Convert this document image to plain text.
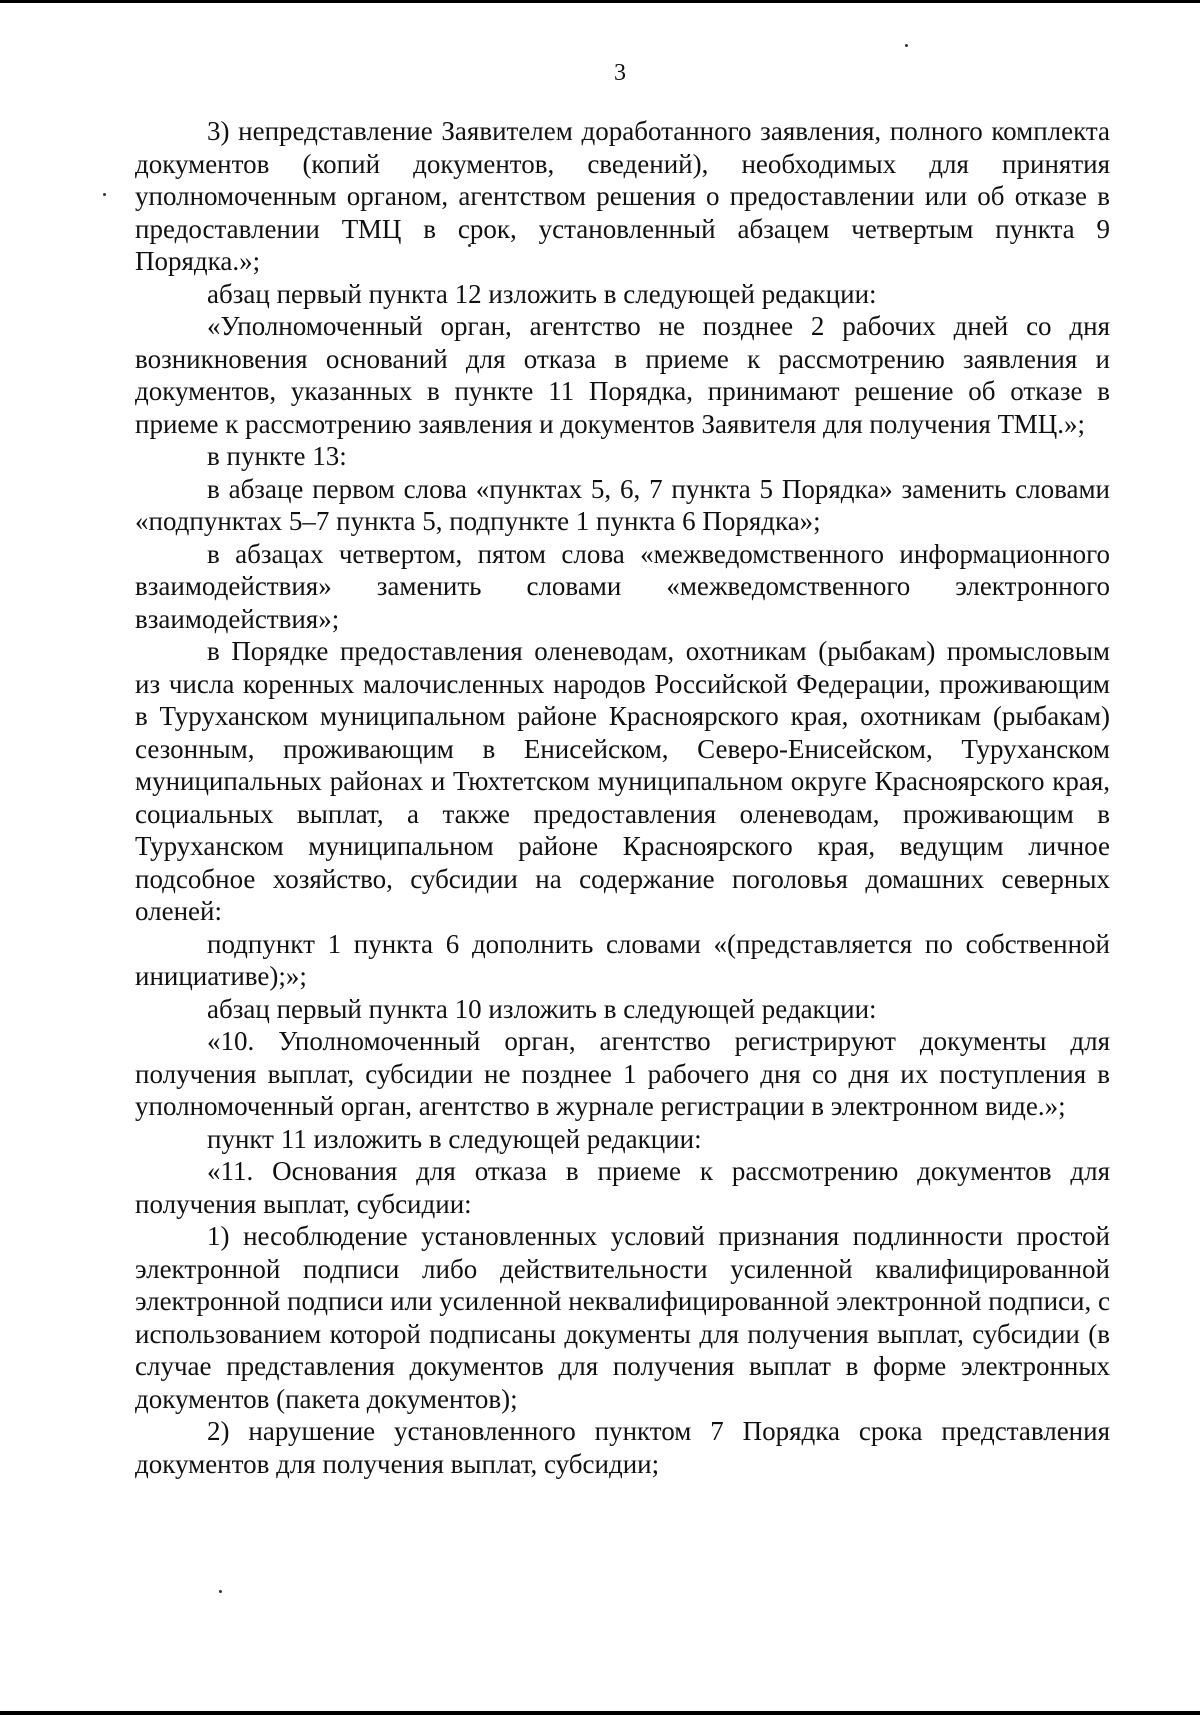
3

3) непредставление Заявителем доработанного заявления, полного комплекта документов (копий документов, сведений), необходимых для принятия уполномоченным органом, агентством решения о предоставлении или об отказе в предоставлении ТМЦ в срок, установленный абзацем четвертым пункта 9 Порядка.»;

абзац первый пункта 12 изложить в следующей редакции:

«Уполномоченный орган, агентство не позднее 2 рабочих дней со дня возникновения оснований для отказа в приеме к рассмотрению заявления и документов, указанных в пункте 11 Порядка, принимают решение об отказе в приеме к рассмотрению заявления и документов Заявителя для получения ТМЦ.»;

в пункте 13:

в абзаце первом слова «пунктах 5, 6, 7 пункта 5 Порядка» заменить словами «подпунктах 5–7 пункта 5, подпункте 1 пункта 6 Порядка»;

в абзацах четвертом, пятом слова «межведомственного информационного взаимодействия» заменить словами «межведомственного электронного взаимодействия»;

в Порядке предоставления оленеводам, охотникам (рыбакам) промысловым из числа коренных малочисленных народов Российской Федерации, проживающим в Туруханском муниципальном районе Красноярского края, охотникам (рыбакам) сезонным, проживающим в Енисейском, Северо-Енисейском, Туруханском муниципальных районах и Тюхтетском муниципальном округе Красноярского края, социальных выплат, а также предоставления оленеводам, проживающим в Туруханском муниципальном районе Красноярского края, ведущим личное подсобное хозяйство, субсидии на содержание поголовья домашних северных оленей:

подпункт 1 пункта 6 дополнить словами «(представляется по собственной инициативе);»;

абзац первый пункта 10 изложить в следующей редакции:

«10. Уполномоченный орган, агентство регистрируют документы для получения выплат, субсидии не позднее 1 рабочего дня со дня их поступления в уполномоченный орган, агентство в журнале регистрации в электронном виде.»;

пункт 11 изложить в следующей редакции:

«11. Основания для отказа в приеме к рассмотрению документов для получения выплат, субсидии:

1) несоблюдение установленных условий признания подлинности простой электронной подписи либо действительности усиленной квалифицированной электронной подписи или усиленной неквалифицированной электронной подписи, с использованием которой подписаны документы для получения выплат, субсидии (в случае представления документов для получения выплат в форме электронных документов (пакета документов);

2) нарушение установленного пунктом 7 Порядка срока представления документов для получения выплат, субсидии;
